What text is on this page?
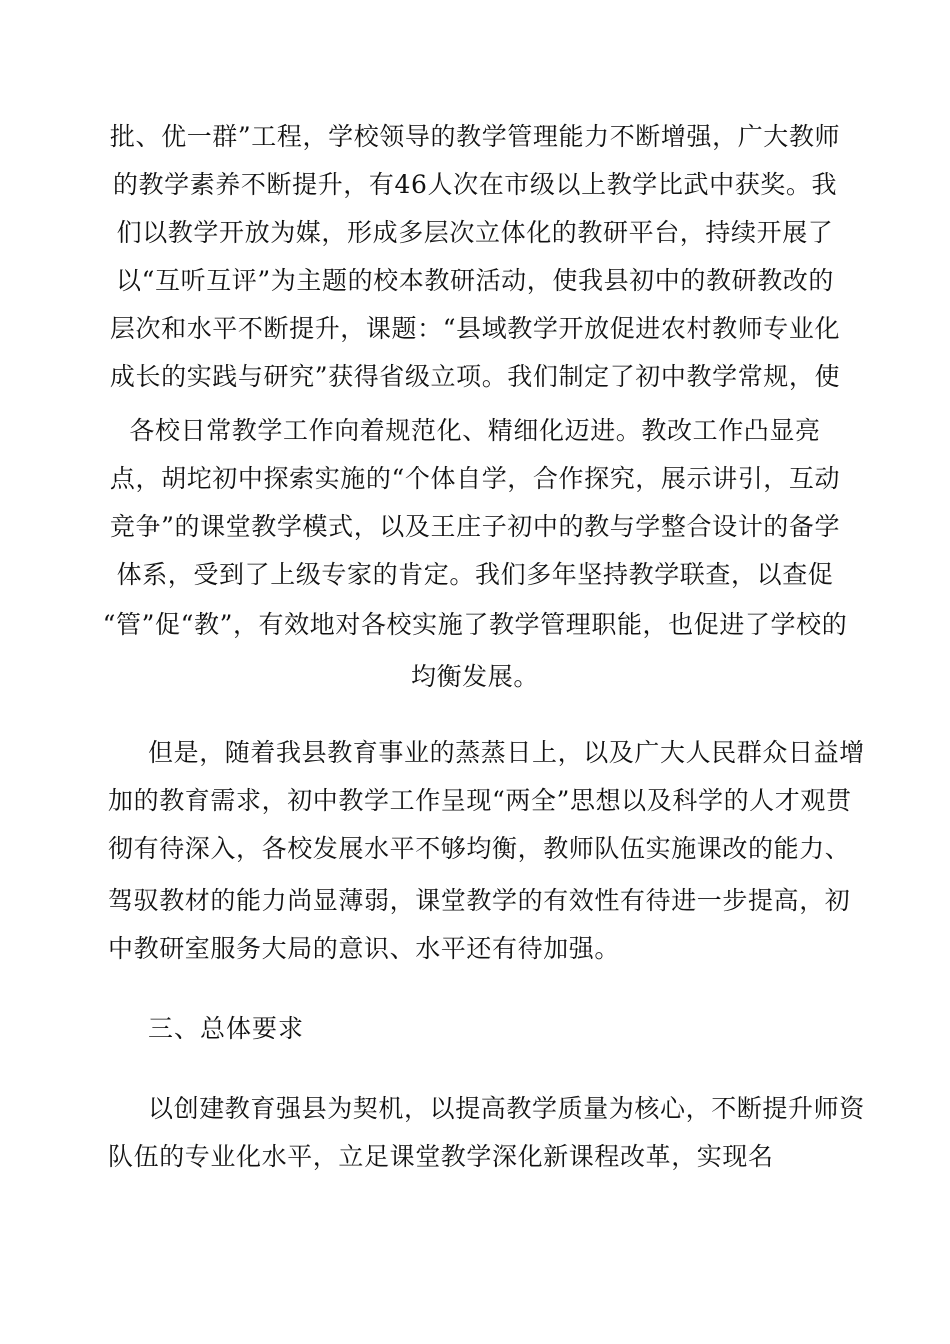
批、优一群”工程，学校领导的教学管理能力不断增强，广大教师
的教学素养不断提升，有46人次在市级以上教学比武中获奖。我
们以教学开放为媒，形成多层次立体化的教研平台，持续开展了
以“互听互评”为主题的校本教研活动，使我县初中的教研教改的
层次和水平不断提升，课题：“县域教学开放促进农村教师专业化
成长的实践与研究”获得省级立项。我们制定了初中教学常规，使
各校日常教学工作向着规范化、精细化迈进。教改工作凸显亮
点，胡坨初中探索实施的“个体自学，合作探究，展示讲引，互动
竞争”的课堂教学模式，以及王庄子初中的教与学整合设计的备学
体系，受到了上级专家的肯定。我们多年坚持教学联查，以查促
“管”促“教”，有效地对各校实施了教学管理职能，也促进了学校的
均衡发展。
但是，随着我县教育事业的蒸蒸日上，以及广大人民群众日益增
加的教育需求，初中教学工作呈现“两全”思想以及科学的人才观贯
彻有待深入，各校发展水平不够均衡，教师队伍实施课改的能力、
驾驭教材的能力尚显薄弱，课堂教学的有效性有待进一步提高，初
中教研室服务大局的意识、水平还有待加强。
三、总体要求
以创建教育强县为契机，以提高教学质量为核心，不断提升师资
队伍的专业化水平，立足课堂教学深化新课程改革，实现名
